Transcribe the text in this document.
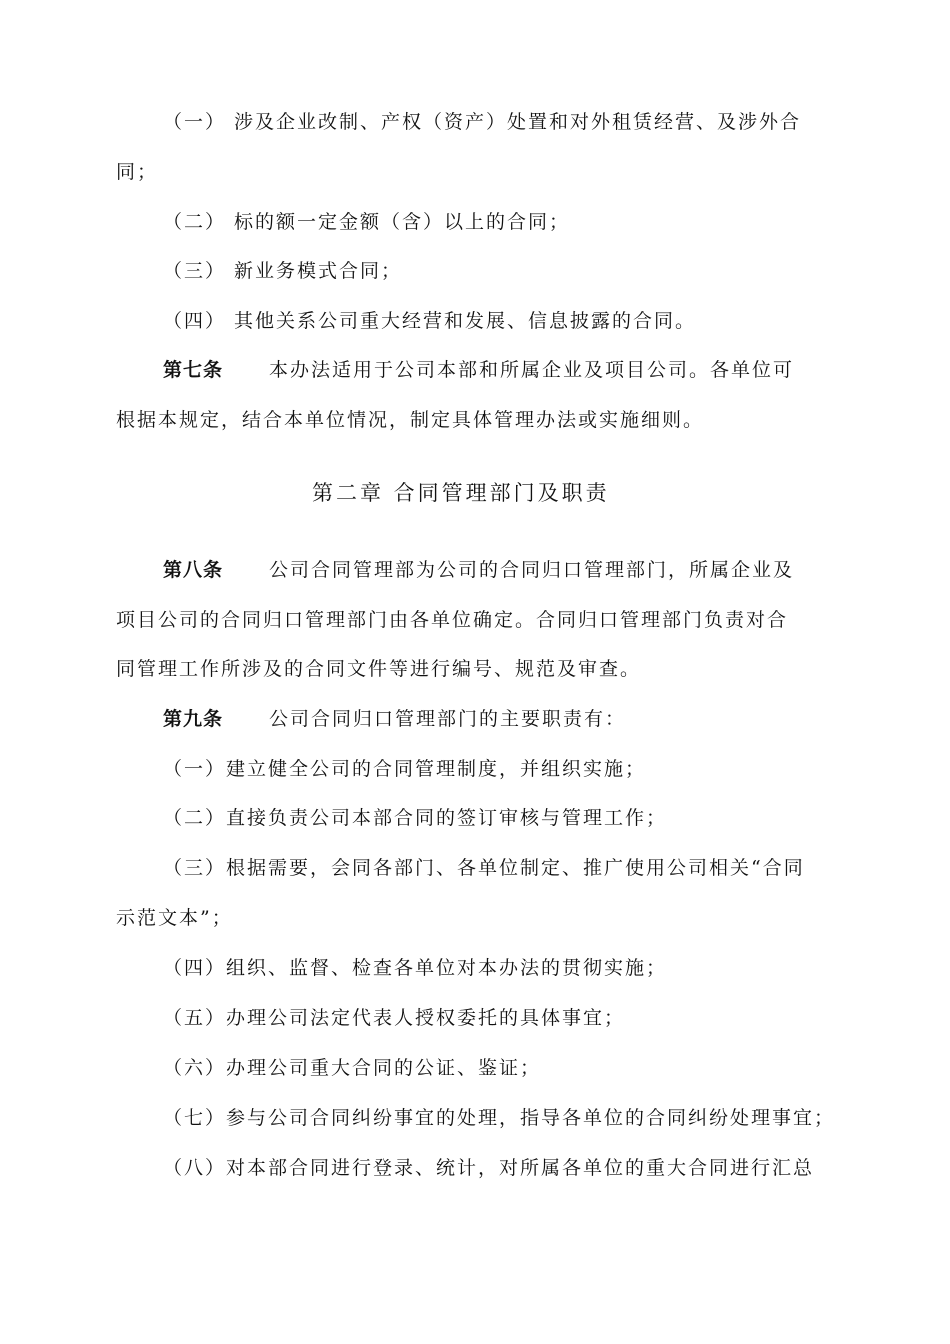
（一） 涉及企业改制、产权（资产）处置和对外租赁经营、及涉外合
同；
（二） 标的额一定金额（含）以上的合同；
（三） 新业务模式合同；
（四） 其他关系公司重大经营和发展、信息披露的合同。
第七条 本办法适用于公司本部和所属企业及项目公司。各单位可
根据本规定，结合本单位情况，制定具体管理办法或实施细则。
第二章 合同管理部门及职责
第八条 公司合同管理部为公司的合同归口管理部门，所属企业及
项目公司的合同归口管理部门由各单位确定。合同归口管理部门负责对合
同管理工作所涉及的合同文件等进行编号、规范及审查。
第九条 公司合同归口管理部门的主要职责有：
（一）建立健全公司的合同管理制度，并组织实施；
（二）直接负责公司本部合同的签订审核与管理工作；
（三）根据需要，会同各部门、各单位制定、推广使用公司相关“合同
示范文本”；
（四）组织、监督、检查各单位对本办法的贯彻实施；
（五）办理公司法定代表人授权委托的具体事宜；
（六）办理公司重大合同的公证、鉴证；
（七）参与公司合同纠纷事宜的处理，指导各单位的合同纠纷处理事宜；
（八）对本部合同进行登录、统计，对所属各单位的重大合同进行汇总
